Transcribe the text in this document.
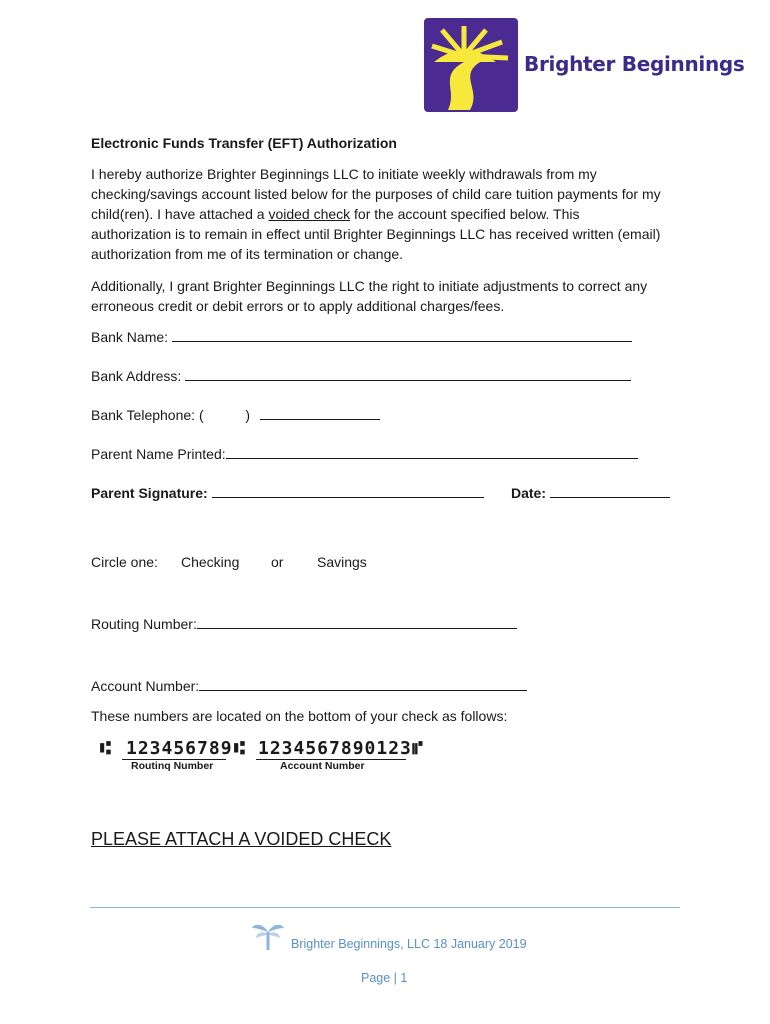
Brighter Beginnings
Electronic Funds Transfer (EFT) Authorization
I hereby authorize Brighter Beginnings LLC to initiate weekly withdrawals from my
checking/savings account listed below for the purposes of child care tuition payments for my
child(ren). I have attached a voided check for the account specified below. This
authorization is to remain in effect until Brighter Beginnings LLC has received written (email)
authorization from me of its termination or change.
Additionally, I grant Brighter Beginnings LLC the right to initiate adjustments to correct any
erroneous credit or debit errors or to apply additional charges/fees.
Bank Name:
Bank Address:
Bank Telephone: (	)
Parent Name Printed:
Parent Signature:	Date:
Circle one: Checking or Savings
Routing Number:
Account Number:
These numbers are located on the bottom of your check as follows:
⑆ 123456789 ⑆ 1234567890123 ⑈
Routinq Number	Account Number
PLEASE ATTACH A VOIDED CHECK
Brighter Beginnings, LLC 18 January 2019
Page | 1
